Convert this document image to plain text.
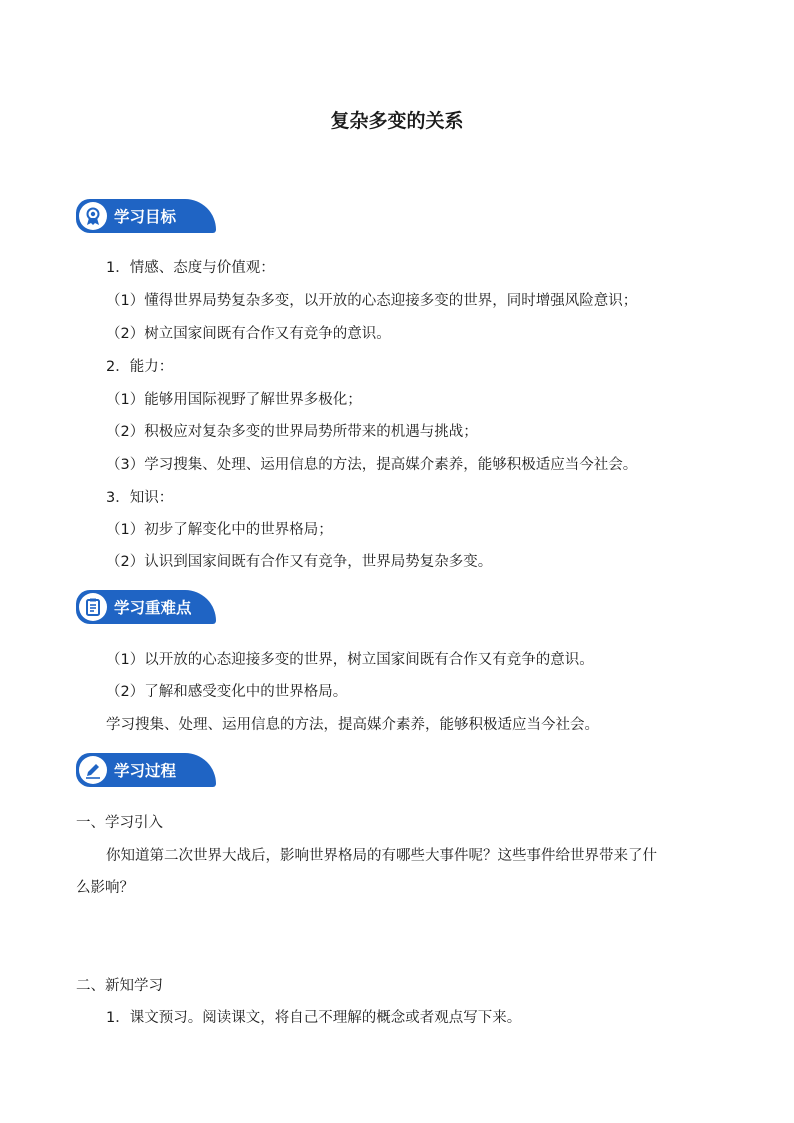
复杂多变的关系
学习目标
1．情感、态度与价值观：
（1）懂得世界局势复杂多变，以开放的心态迎接多变的世界，同时增强风险意识；
（2）树立国家间既有合作又有竞争的意识。
2．能力：
（1）能够用国际视野了解世界多极化；
（2）积极应对复杂多变的世界局势所带来的机遇与挑战；
（3）学习搜集、处理、运用信息的方法，提高媒介素养，能够积极适应当今社会。
3．知识：
（1）初步了解变化中的世界格局；
（2）认识到国家间既有合作又有竞争，世界局势复杂多变。
学习重难点
（1）以开放的心态迎接多变的世界，树立国家间既有合作又有竞争的意识。
（2）了解和感受变化中的世界格局。
学习搜集、处理、运用信息的方法，提高媒介素养，能够积极适应当今社会。
学习过程
一、学习引入
你知道第二次世界大战后，影响世界格局的有哪些大事件呢？这些事件给世界带来了什
么影响？
二、新知学习
1．课文预习。阅读课文，将自己不理解的概念或者观点写下来。
